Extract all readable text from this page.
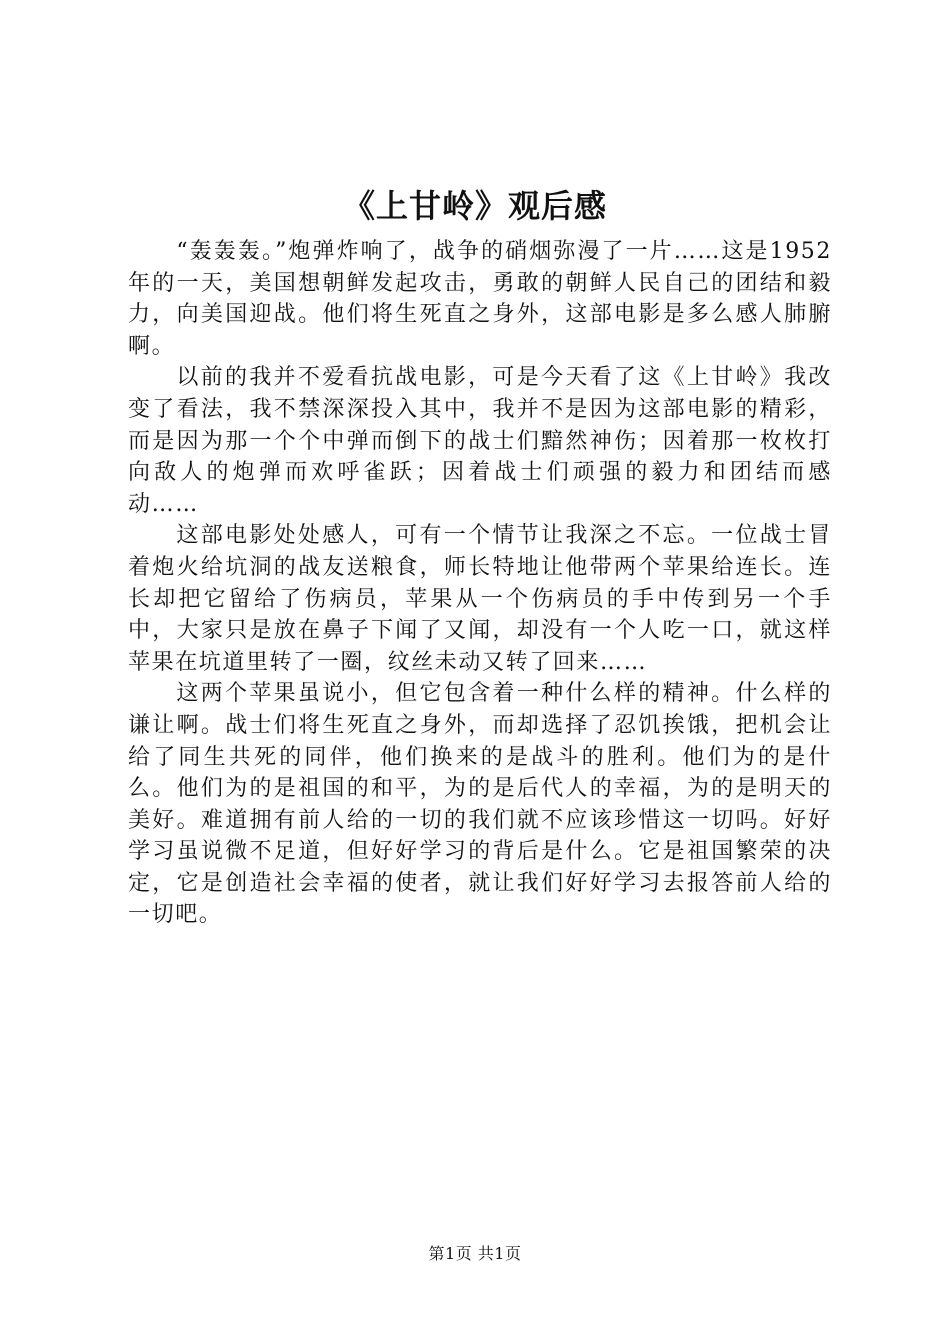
《上甘岭》观后感

“轰轰轰。”炮弹炸响了，战争的硝烟弥漫了一片……这是1952年的一天，美国想朝鲜发起攻击，勇敢的朝鲜人民自己的团结和毅力，向美国迎战。他们将生死直之身外，这部电影是多么感人肺腑啊。

以前的我并不爱看抗战电影，可是今天看了这《上甘岭》我改变了看法，我不禁深深投入其中，我并不是因为这部电影的精彩，而是因为那一个个中弹而倒下的战士们黯然神伤；因着那一枚枚打向敌人的炮弹而欢呼雀跃；因着战士们顽强的毅力和团结而感动……

这部电影处处感人，可有一个情节让我深之不忘。一位战士冒着炮火给坑洞的战友送粮食，师长特地让他带两个苹果给连长。连长却把它留给了伤病员，苹果从一个伤病员的手中传到另一个手中，大家只是放在鼻子下闻了又闻，却没有一个人吃一口，就这样苹果在坑道里转了一圈，纹丝未动又转了回来……

这两个苹果虽说小，但它包含着一种什么样的精神。什么样的谦让啊。战士们将生死直之身外，而却选择了忍饥挨饿，把机会让给了同生共死的同伴，他们换来的是战斗的胜利。他们为的是什么。他们为的是祖国的和平，为的是后代人的幸福，为的是明天的美好。难道拥有前人给的一切的我们就不应该珍惜这一切吗。好好学习虽说微不足道，但好好学习的背后是什么。它是祖国繁荣的决定，它是创造社会幸福的使者，就让我们好好学习去报答前人给的一切吧。

第1页 共1页
